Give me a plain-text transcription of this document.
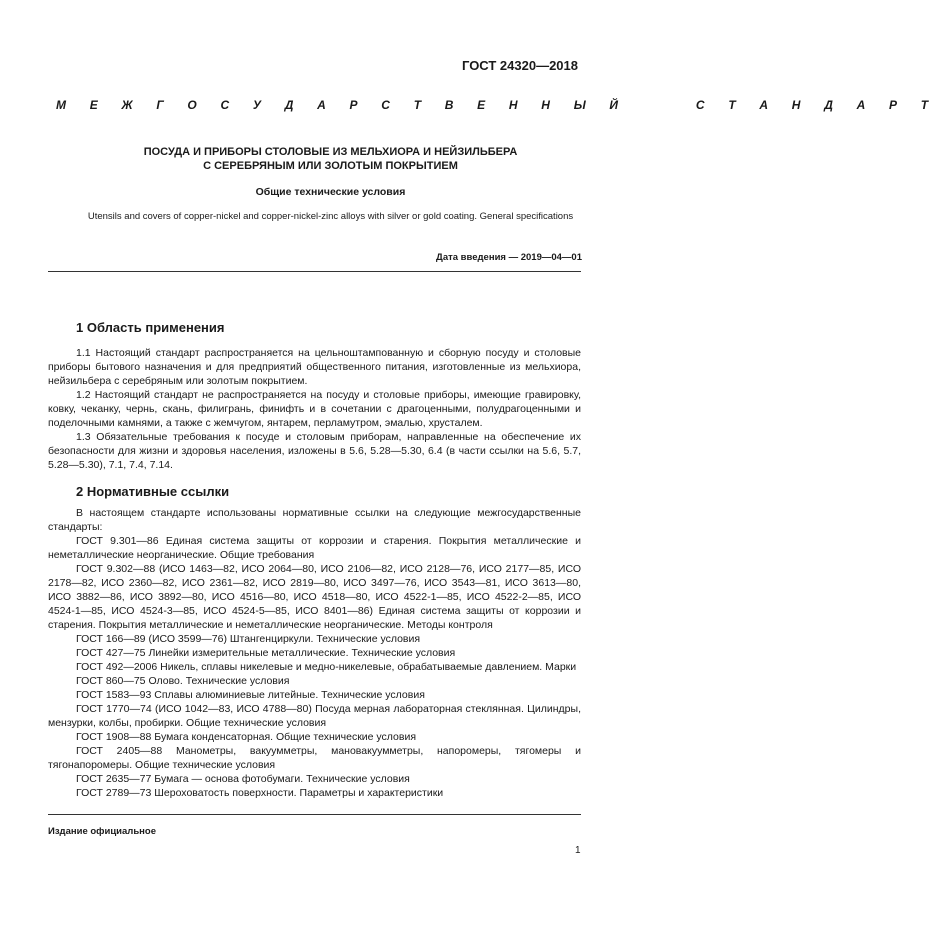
ГОСТ 24320—2018
М Е Ж Г О С У Д А Р С Т В Е Н Н Ы Й     С Т А Н Д А Р Т
ПОСУДА И ПРИБОРЫ СТОЛОВЫЕ ИЗ МЕЛЬХИОРА И НЕЙЗИЛЬБЕРА
С СЕРЕБРЯНЫМ ИЛИ ЗОЛОТЫМ ПОКРЫТИЕМ
Общие технические условия
Utensils and covers of copper-nickel and copper-nickel-zinc alloys with silver or gold coating. General specifications
Дата введения — 2019—04—01
1 Область применения

1.1 Настоящий стандарт распространяется на цельноштампованную и сборную посуду и столовые приборы бытового назначения и для предприятий общественного питания, изготовленные из мельхиора, нейзильбера с серебряным или золотым покрытием.

1.2 Настоящий стандарт не распространяется на посуду и столовые приборы, имеющие гравировку, ковку, чеканку, чернь, скань, филигрань, финифть и в сочетании с драгоценными, полудрагоценными и поделочными камнями, а также с жемчугом, янтарем, перламутром, эмалью, хрусталем.

1.3 Обязательные требования к посуде и столовым приборам, направленные на обеспечение их безопасности для жизни и здоровья населения, изложены в 5.6, 5.28—5.30, 6.4 (в части ссылки на 5.6, 5.7, 5.28—5.30), 7.1, 7.4, 7.14.

2 Нормативные ссылки

В настоящем стандарте использованы нормативные ссылки на следующие межгосударственные стандарты:

ГОСТ 9.301—86 Единая система защиты от коррозии и старения. Покрытия металлические и неметаллические неорганические. Общие требования

ГОСТ 9.302—88 (ИСО 1463—82, ИСО 2064—80, ИСО 2106—82, ИСО 2128—76, ИСО 2177—85, ИСО 2178—82, ИСО 2360—82, ИСО 2361—82, ИСО 2819—80, ИСО 3497—76, ИСО 3543—81, ИСО 3613—80, ИСО 3882—86, ИСО 3892—80, ИСО 4516—80, ИСО 4518—80, ИСО 4522-1—85, ИСО 4522-2—85, ИСО 4524-1—85, ИСО 4524-3—85, ИСО 4524-5—85, ИСО 8401—86) Единая система защиты от коррозии и старения. Покрытия металлические и неметаллические неорганические. Методы контроля

ГОСТ 166—89 (ИСО 3599—76) Штангенциркули. Технические условия

ГОСТ 427—75 Линейки измерительные металлические. Технические условия

ГОСТ 492—2006 Никель, сплавы никелевые и медно-никелевые, обрабатываемые давлением. Марки

ГОСТ 860—75 Олово. Технические условия

ГОСТ 1583—93 Сплавы алюминиевые литейные. Технические условия

ГОСТ 1770—74 (ИСО 1042—83, ИСО 4788—80) Посуда мерная лабораторная стеклянная. Цилиндры, мензурки, колбы, пробирки. Общие технические условия

ГОСТ 1908—88 Бумага конденсаторная. Общие технические условия

ГОСТ 2405—88 Манометры, вакуумметры, мановакуумметры, напоромеры, тягомеры и тягонапоромеры. Общие технические условия

ГОСТ 2635—77 Бумага — основа фотобумаги. Технические условия

ГОСТ 2789—73 Шероховатость поверхности. Параметры и характеристики

Издание официальное
1
